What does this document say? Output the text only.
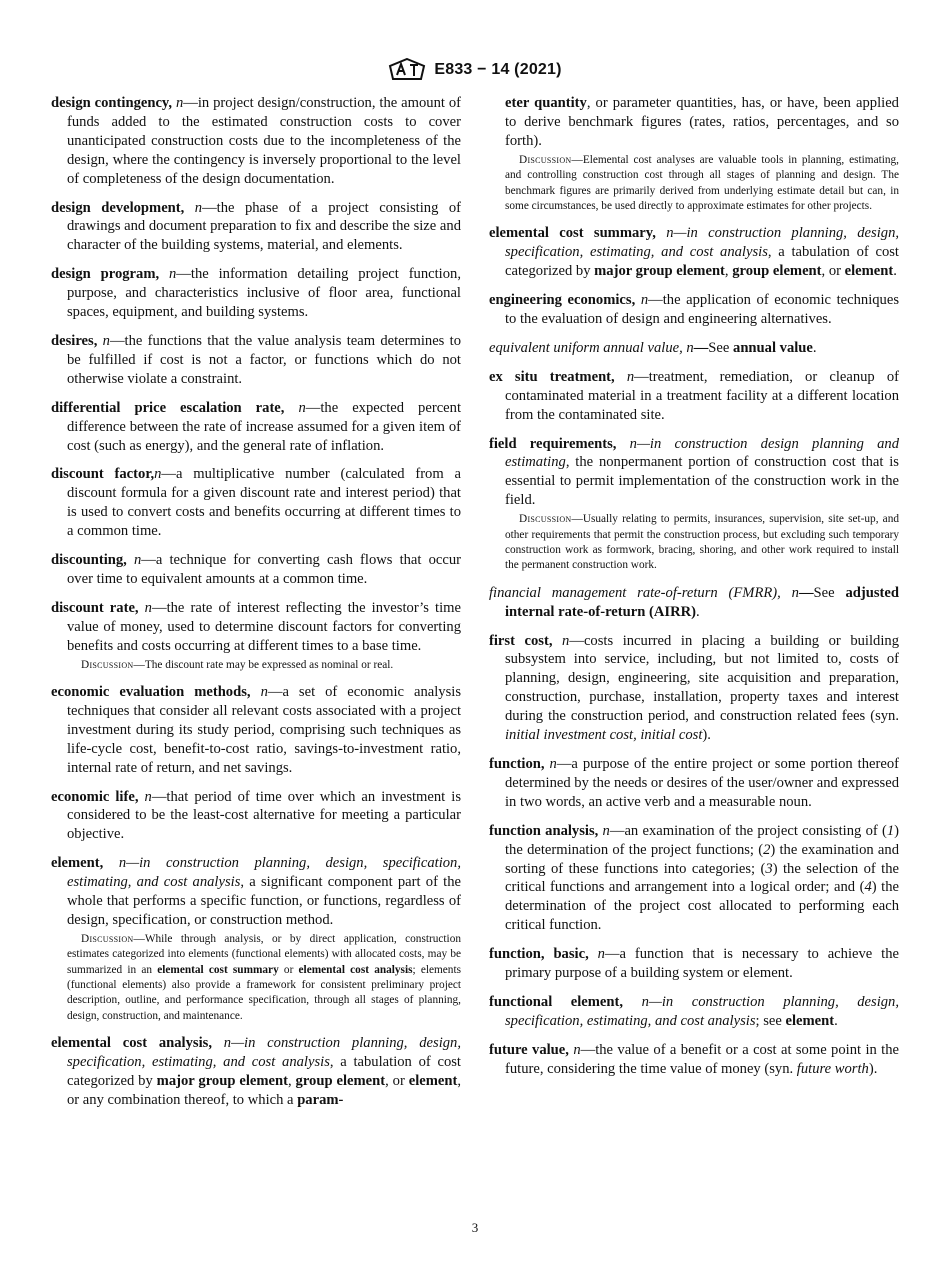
E833 − 14 (2021)

design contingency, n—in project design/construction, the amount of funds added to the estimated construction costs to cover unanticipated construction costs due to the incompleteness of the design, where the contingency is inversely proportional to the level of completeness of the design documentation.

design development, n—the phase of a project consisting of drawings and document preparation to fix and describe the size and character of the building systems, material, and elements.

design program, n—the information detailing project function, purpose, and characteristics inclusive of floor area, functional spaces, equipment, and building systems.

desires, n—the functions that the value analysis team determines to be fulfilled if cost is not a factor, or functions which do not otherwise violate a constraint.

differential price escalation rate, n—the expected percent difference between the rate of increase assumed for a given item of cost (such as energy), and the general rate of inflation.

discount factor,n—a multiplicative number (calculated from a discount formula for a given discount rate and interest period) that is used to convert costs and benefits occurring at different times to a common time.

discounting, n—a technique for converting cash flows that occur over time to equivalent amounts at a common time.

discount rate, n—the rate of interest reflecting the investor’s time value of money, used to determine discount factors for converting benefits and costs occurring at different times to a base time.

Discussion—The discount rate may be expressed as nominal or real.

economic evaluation methods, n—a set of economic analysis techniques that consider all relevant costs associated with a project investment during its study period, comprising such techniques as life-cycle cost, benefit-to-cost ratio, savings-to-investment ratio, internal rate of return, and net savings.

economic life, n—that period of time over which an investment is considered to be the least-cost alternative for meeting a particular objective.

element, n—in construction planning, design, specification, estimating, and cost analysis, a significant component part of the whole that performs a specific function, or functions, regardless of design, specification, or construction method.

Discussion—While through analysis, or by direct application, construction estimates categorized into elements (functional elements) with allocated costs, may be summarized in an elemental cost summary or elemental cost analysis; elements (functional elements) also provide a framework for consistent preliminary project description, outline, and performance specification, through all stages of planning, design, construction, and maintenance.

elemental cost analysis, n—in construction planning, design, specification, estimating, and cost analysis, a tabulation of cost categorized by major group element, group element, or element, or any combination thereof, to which a param-

eter quantity, or parameter quantities, has, or have, been applied to derive benchmark figures (rates, ratios, percentages, and so forth).

Discussion—Elemental cost analyses are valuable tools in planning, estimating, and controlling construction cost through all stages of planning and design. The benchmark figures are primarily derived from underlying estimate detail but can, in some circumstances, be used directly to approximate estimates for other projects.

elemental cost summary, n—in construction planning, design, specification, estimating, and cost analysis, a tabulation of cost categorized by major group element, group element, or element.

engineering economics, n—the application of economic techniques to the evaluation of design and engineering alternatives.

equivalent uniform annual value, n—See annual value.

ex situ treatment, n—treatment, remediation, or cleanup of contaminated material in a treatment facility at a different location from the contaminated site.

field requirements, n—in construction design planning and estimating, the nonpermanent portion of construction cost that is essential to permit implementation of the construction work in the field.

Discussion—Usually relating to permits, insurances, supervision, site set-up, and other requirements that permit the construction process, but excluding such temporary construction work as formwork, bracing, shoring, and other work required to install the permanent construction work.

financial management rate-of-return (FMRR), n—See adjusted internal rate-of-return (AIRR).

first cost, n—costs incurred in placing a building or building subsystem into service, including, but not limited to, costs of planning, design, engineering, site acquisition and preparation, construction, purchase, installation, property taxes and interest during the construction period, and construction related fees (syn. initial investment cost, initial cost).

function, n—a purpose of the entire project or some portion thereof determined by the needs or desires of the user/owner and expressed in two words, an active verb and a measurable noun.

function analysis, n—an examination of the project consisting of (1) the determination of the project functions; (2) the examination and sorting of these functions into categories; (3) the selection of the critical functions and arrangement into a logical order; and (4) the determination of the project cost allocated to performing each critical function.

function, basic, n—a function that is necessary to achieve the primary purpose of a building system or element.

functional element, n—in construction planning, design, specification, estimating, and cost analysis; see element.

future value, n—the value of a benefit or a cost at some point in the future, considering the time value of money (syn. future worth).

3
